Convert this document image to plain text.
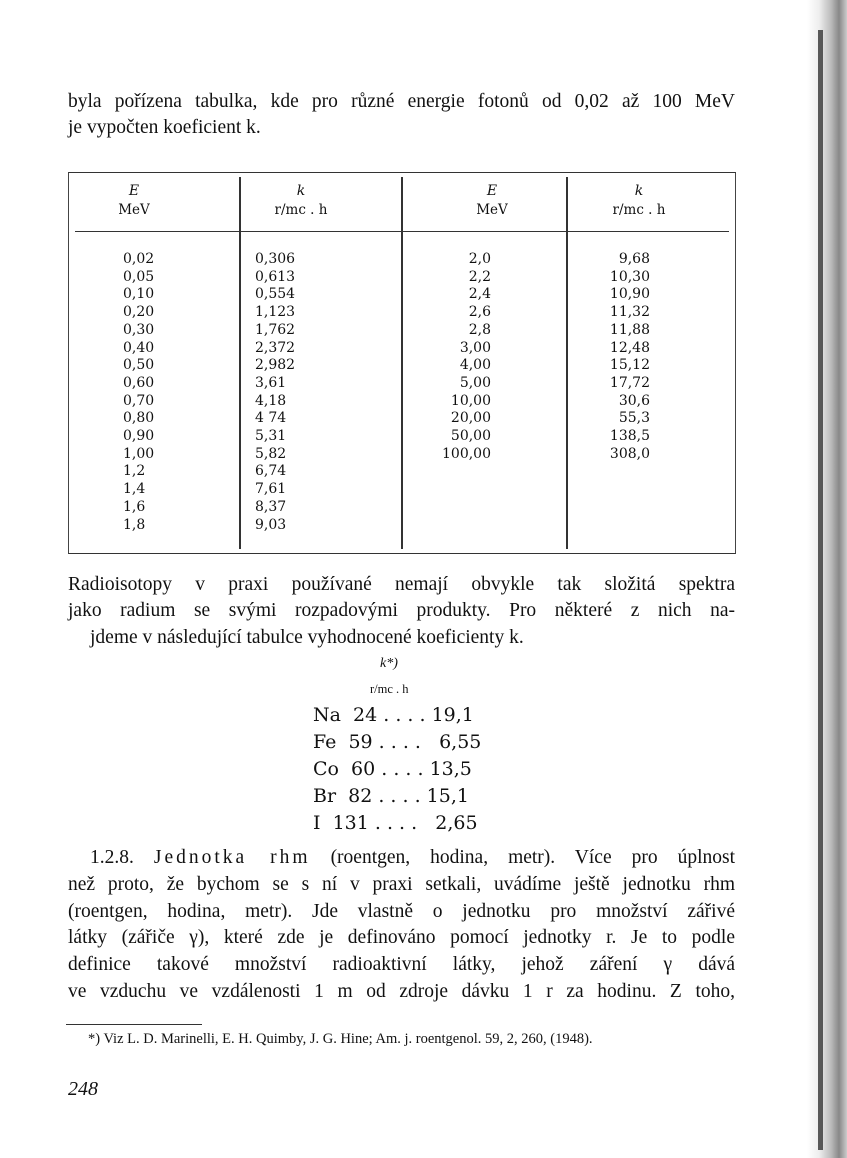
byla pořízena tabulka, kde pro různé energie fotonů od 0,02 až 100 MeV
je vypočten koeficient k.
E
MeV
k
r/mc . h
E
MeV
k
r/mc . h
0,02
0,05
0,10
0,20
0,30
0,40
0,50
0,60
0,70
0,80
0,90
1,00
1,2
1,4
1,6
1,8
0,306
0,613
0,554
1,123
1,762
2,372
2,982
3,61
4,18
4 74
5,31
5,82
6,74
7,61
8,37
9,03
2,0
2,2
2,4
2,6
2,8
3,00
4,00
5,00
10,00
20,00
50,00
100,00
9,68
10,30
10,90
11,32
11,88
12,48
15,12
17,72
30,6
55,3
138,5
308,0
Radioisotopy v praxi používané nemají obvykle tak složitá spektra
jako radium se svými rozpadovými produkty. Pro některé z nich na-
jdeme v následující tabulce vyhodnocené koeficienty k.
k*)
r/mc . h
Na  24 . . . . 19,1
Fe  59 . . . .   6,55
Co  60 . . . . 13,5
Br  82 . . . . 15,1
I  131 . . . .   2,65
1.2.8. Jednotka rhm (roentgen, hodina, metr). Více pro úplnost
než proto, že bychom se s ní v praxi setkali, uvádíme ještě jednotku rhm
(roentgen, hodina, metr). Jde vlastně o jednotku pro množství zářivé
látky (zářiče γ), které zde je definováno pomocí jednotky r. Je to podle
definice takové množství radioaktivní látky, jehož záření γ dává
ve vzduchu ve vzdálenosti 1 m od zdroje dávku 1 r za hodinu. Z toho,
*) Viz L. D. Marinelli, E. H. Quimby, J. G. Hine; Am. j. roentgenol. 59, 2, 260, (1948).
248
